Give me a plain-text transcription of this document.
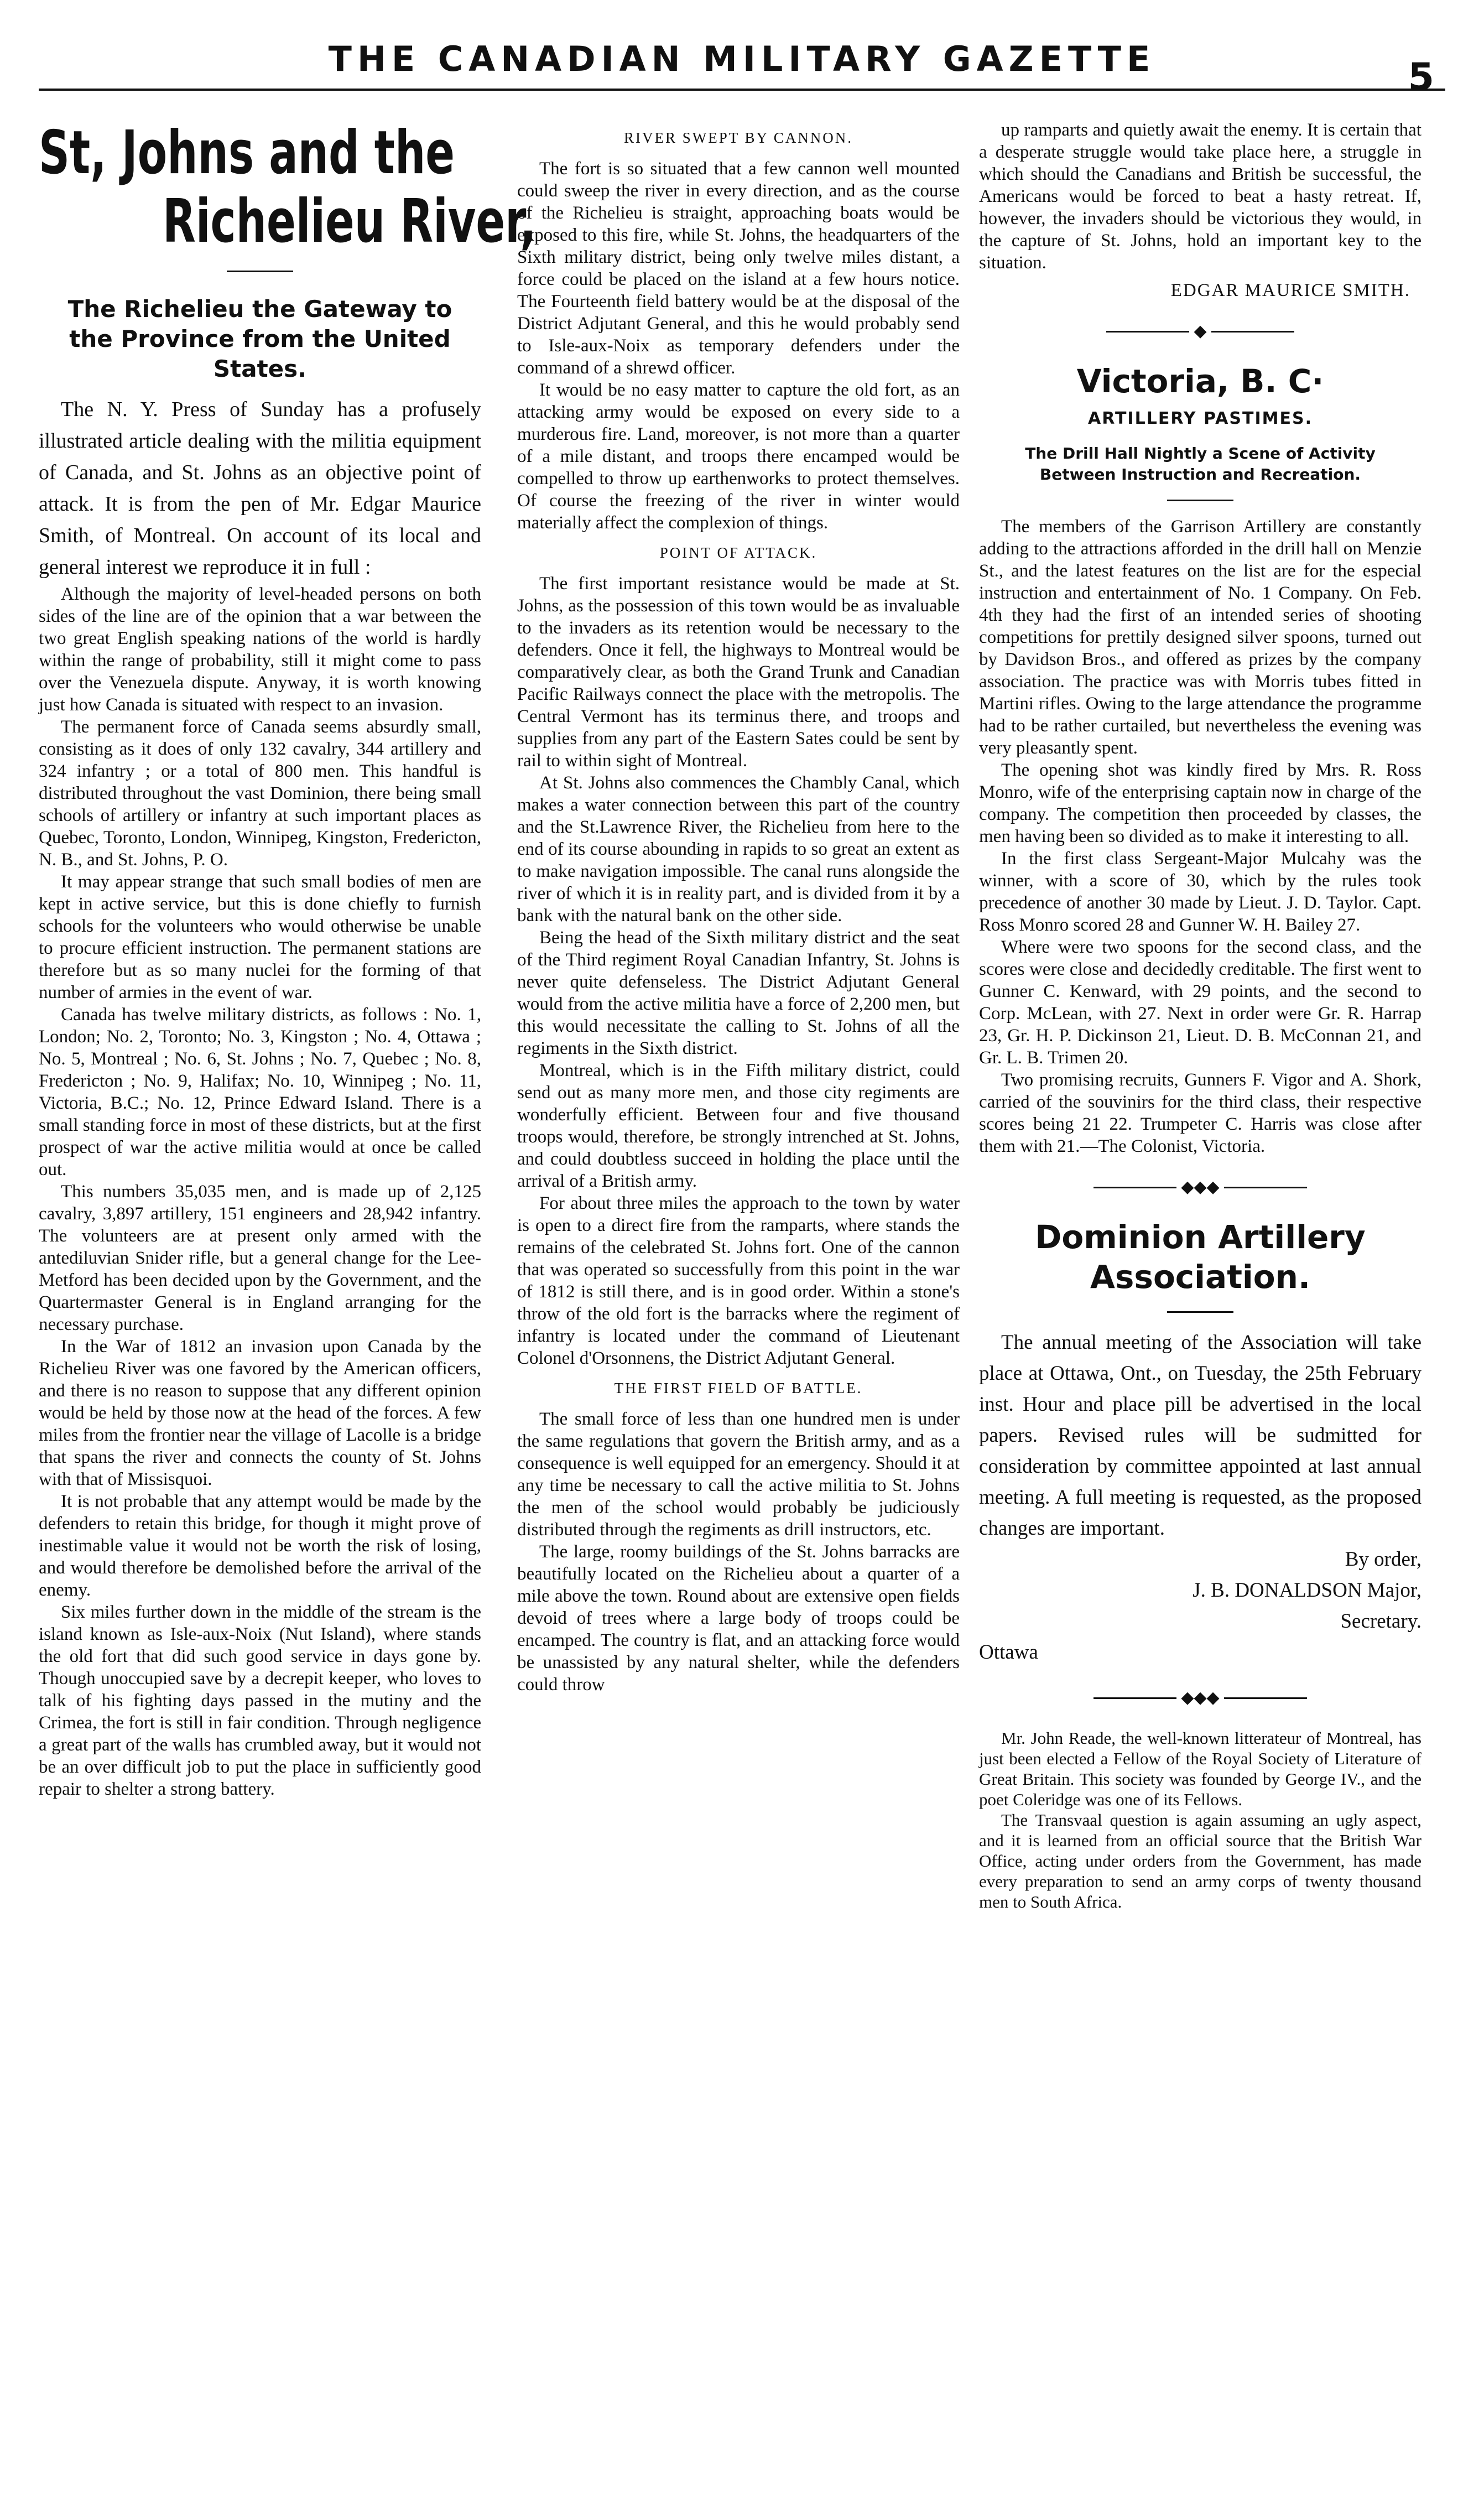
THE CANADIAN MILITARY GAZETTE	5
St, Johns and the
Richelieu River,
The Richelieu the Gateway to the Province from the United States.

The N. Y. Press of Sunday has a profusely illustrated article dealing with the militia equipment of Canada, and St. Johns as an objective point of attack. It is from the pen of Mr. Edgar Maurice Smith, of Montreal. On account of its local and general interest we reproduce it in full :

Although the majority of level-headed persons on both sides of the line are of the opinion that a war between the two great English speaking nations of the world is hardly within the range of probability, still it might come to pass over the Venezuela dispute. Anyway, it is worth knowing just how Canada is situated with respect to an invasion.

The permanent force of Canada seems absurdly small, consisting as it does of only 132 cavalry, 344 artillery and 324 infantry ; or a total of 800 men. This handful is distributed throughout the vast Dominion, there being small schools of artillery or infantry at such important places as Quebec, Toronto, London, Winnipeg, Kingston, Fredericton, N. B., and St. Johns, P. O.

It may appear strange that such small bodies of men are kept in active service, but this is done chiefly to furnish schools for the volunteers who would otherwise be unable to procure efficient instruction. The permanent stations are therefore but as so many nuclei for the forming of that number of armies in the event of war.

Canada has twelve military districts, as follows : No. 1, London; No. 2, Toronto; No. 3, Kingston ; No. 4, Ottawa ; No. 5, Montreal ; No. 6, St. Johns ; No. 7, Quebec ; No. 8, Fredericton ; No. 9, Halifax; No. 10, Winnipeg ; No. 11, Victoria, B.C.; No. 12, Prince Edward Island. There is a small standing force in most of these districts, but at the first prospect of war the active militia would at once be called out.

This numbers 35,035 men, and is made up of 2,125 cavalry, 3,897 artillery, 151 engineers and 28,942 infantry. The volunteers are at present only armed with the antediluvian Snider rifle, but a general change for the Lee-Metford has been decided upon by the Government, and the Quartermaster General is in England arranging for the necessary purchase.

In the War of 1812 an invasion upon Canada by the Richelieu River was one favored by the American officers, and there is no reason to suppose that any different opinion would be held by those now at the head of the forces. A few miles from the frontier near the village of Lacolle is a bridge that spans the river and connects the county of St. Johns with that of Missisquoi.

It is not probable that any attempt would be made by the defenders to retain this bridge, for though it might prove of inestimable value it would not be worth the risk of losing, and would therefore be demolished before the arrival of the enemy.

Six miles further down in the middle of the stream is the island known as Isle-aux-Noix (Nut Island), where stands the old fort that did such good service in days gone by. Though unoccupied save by a decrepit keeper, who loves to talk of his fighting days passed in the mutiny and the Crimea, the fort is still in fair condition. Through negligence a great part of the walls has crumbled away, but it would not be an over difficult job to put the place in sufficiently good repair to shelter a strong battery.

RIVER SWEPT BY CANNON.

The fort is so situated that a few cannon well mounted could sweep the river in every direction, and as the course of the Richelieu is straight, approaching boats would be exposed to this fire, while St. Johns, the headquarters of the Sixth military district, being only twelve miles distant, a force could be placed on the island at a few hours notice. The Fourteenth field battery would be at the disposal of the District Adjutant General, and this he would probably send to Isle-aux-Noix as temporary defenders under the command of a shrewd officer.

It would be no easy matter to capture the old fort, as an attacking army would be exposed on every side to a murderous fire. Land, moreover, is not more than a quarter of a mile distant, and troops there encamped would be compelled to throw up earthenworks to protect themselves. Of course the freezing of the river in winter would materially affect the complexion of things.

POINT OF ATTACK.

The first important resistance would be made at St. Johns, as the possession of this town would be as invaluable to the invaders as its retention would be necessary to the defenders. Once it fell, the highways to Montreal would be comparatively clear, as both the Grand Trunk and Canadian Pacific Railways connect the place with the metropolis. The Central Vermont has its terminus there, and troops and supplies from any part of the Eastern Sates could be sent by rail to within sight of Montreal.

At St. Johns also commences the Chambly Canal, which makes a water connection between this part of the country and the St.Lawrence River, the Richelieu from here to the end of its course abounding in rapids to so great an extent as to make navigation impossible. The canal runs alongside the river of which it is in reality part, and is divided from it by a bank with the natural bank on the other side.

Being the head of the Sixth military district and the seat of the Third regiment Royal Canadian Infantry, St. Johns is never quite defenseless. The District Adjutant General would from the active militia have a force of 2,200 men, but this would necessitate the calling to St. Johns of all the regiments in the Sixth district.

Montreal, which is in the Fifth military district, could send out as many more men, and those city regiments are wonderfully efficient. Between four and five thousand troops would, therefore, be strongly intrenched at St. Johns, and could doubtless succeed in holding the place until the arrival of a British army.

For about three miles the approach to the town by water is open to a direct fire from the ramparts, where stands the remains of the celebrated St. Johns fort. One of the cannon that was operated so successfully from this point in the war of 1812 is still there, and is in good order. Within a stone's throw of the old fort is the barracks where the regiment of infantry is located under the command of Lieutenant Colonel d'Orsonnens, the District Adjutant General.

THE FIRST FIELD OF BATTLE.

The small force of less than one hundred men is under the same regulations that govern the British army, and as a consequence is well equipped for an emergency. Should it at any time be necessary to call the active militia to St. Johns the men of the school would probably be judiciously distributed through the regiments as drill instructors, etc.

The large, roomy buildings of the St. Johns barracks are beautifully located on the Richelieu about a quarter of a mile above the town. Round about are extensive open fields devoid of trees where a large body of troops could be encamped. The country is flat, and an attacking force would be unassisted by any natural shelter, while the defenders could throw

up ramparts and quietly await the enemy. It is certain that a desperate struggle would take place here, a struggle in which should the Canadians and British be successful, the Americans would be forced to beat a hasty retreat. If, however, the invaders should be victorious they would, in the capture of St. Johns, hold an important key to the situation.

EDGAR MAURICE SMITH.
◆
Victoria, B. C·
ARTILLERY PASTIMES.
The Drill Hall Nightly a Scene of Activity Between Instruction and Recreation.

The members of the Garrison Artillery are constantly adding to the attractions afforded in the drill hall on Menzie St., and the latest features on the list are for the especial instruction and entertainment of No. 1 Company. On Feb. 4th they had the first of an intended series of shooting competitions for prettily designed silver spoons, turned out by Davidson Bros., and offered as prizes by the company association. The practice was with Morris tubes fitted in Martini rifles. Owing to the large attendance the programme had to be rather curtailed, but nevertheless the evening was very pleasantly spent.

The opening shot was kindly fired by Mrs. R. Ross Monro, wife of the enterprising captain now in charge of the company. The competition then proceeded by classes, the men having been so divided as to make it interesting to all.

In the first class Sergeant-Major Mulcahy was the winner, with a score of 30, which by the rules took precedence of another 30 made by Lieut. J. D. Taylor. Capt. Ross Monro scored 28 and Gunner W. H. Bailey 27.

Where were two spoons for the second class, and the scores were close and decidedly creditable. The first went to Gunner C. Kenward, with 29 points, and the second to Corp. McLean, with 27. Next in order were Gr. R. Harrap 23, Gr. H. P. Dickinson 21, Lieut. D. B. McConnan 21, and Gr. L. B. Trimen 20.

Two promising recruits, Gunners F. Vigor and A. Shork, carried of the souvinirs for the third class, their respective scores being 21 22. Trumpeter C. Harris was close after them with 21.—The Colonist, Victoria.

◆◆◆
Dominion Artillery Association.

The annual meeting of the Association will take place at Ottawa, Ont., on Tuesday, the 25th February inst. Hour and place pill be advertised in the local papers. Revised rules will be sudmitted for consideration by committee appointed at last annual meeting. A full meeting is requested, as the proposed changes are important.

By order,

J. B. DONALDSON Major,

Secretary.

Ottawa

◆◆◆

Mr. John Reade, the well-known litterateur of Montreal, has just been elected a Fellow of the Royal Society of Literature of Great Britain. This society was founded by George IV., and the poet Coleridge was one of its Fellows.

The Transvaal question is again assuming an ugly aspect, and it is learned from an official source that the British War Office, acting under orders from the Government, has made every preparation to send an army corps of twenty thousand men to South Africa.
